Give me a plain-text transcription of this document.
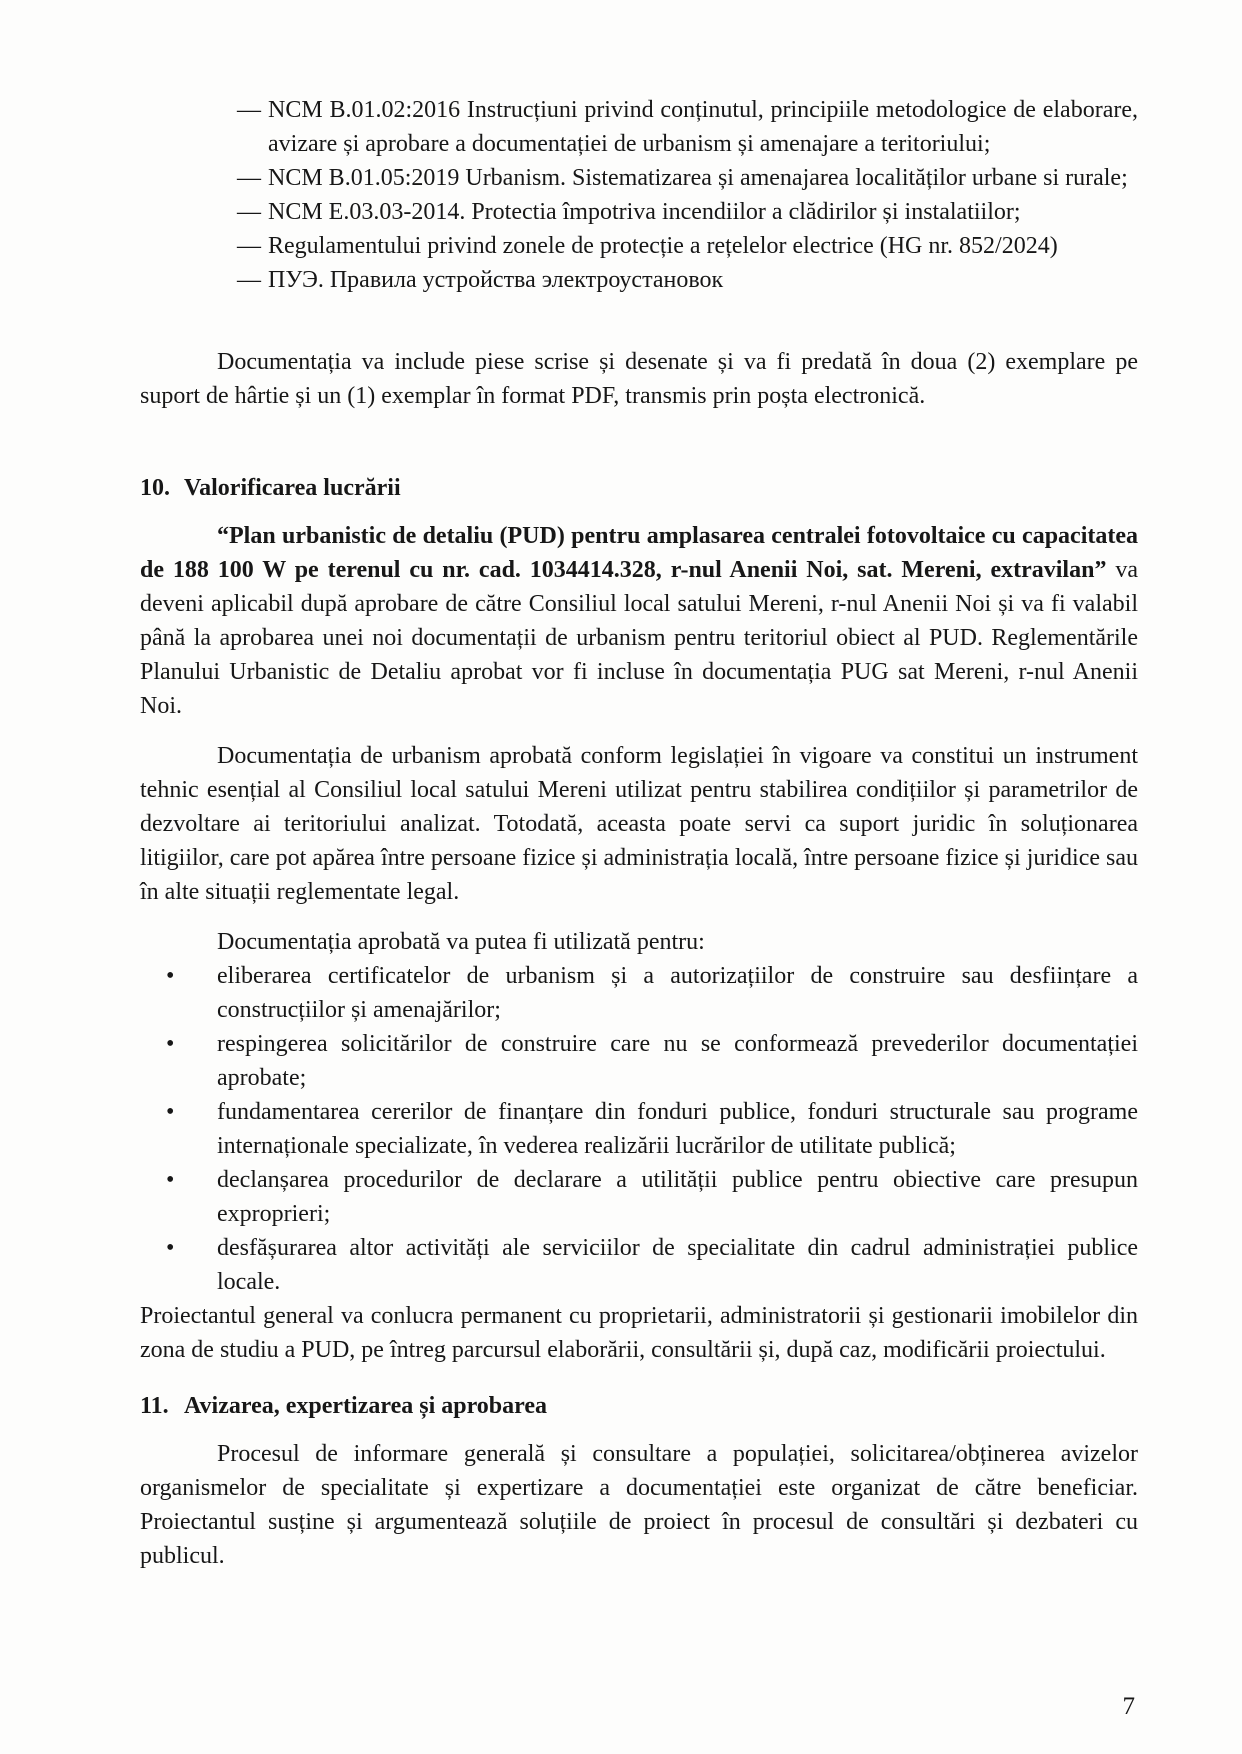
— NCM B.01.02:2016 Instrucțiuni privind conținutul, principiile metodologice de elaborare, avizare și aprobare a documentației de urbanism și amenajare a teritoriului;
— NCM B.01.05:2019 Urbanism. Sistematizarea și amenajarea localităților urbane si rurale;
— NCM E.03.03-2014. Protectia împotriva incendiilor a clădirilor și instalatiilor;
— Regulamentului privind zonele de protecție a rețelelor electrice (HG nr. 852/2024)
— ПУЭ. Правила устройства электроустановок

Documentația va include piese scrise și desenate și va fi predată în doua (2) exemplare pe suport de hârtie și un (1) exemplar în format PDF, transmis prin poșta electronică.

10. Valorificarea lucrării

“Plan urbanistic de detaliu (PUD) pentru amplasarea centralei fotovoltaice cu capacitatea de 188 100 W pe terenul cu nr. cad. 1034414.328, r-nul Anenii Noi, sat. Mereni, extravilan” va deveni aplicabil după aprobare de către Consiliul local satului Mereni, r-nul Anenii Noi și va fi valabil până la aprobarea unei noi documentații de urbanism pentru teritoriul obiect al PUD. Reglementările Planului Urbanistic de Detaliu aprobat vor fi incluse în documentația PUG sat Mereni, r-nul Anenii Noi.

Documentația de urbanism aprobată conform legislației în vigoare va constitui un instrument tehnic esențial al Consiliul local satului Mereni utilizat pentru stabilirea condițiilor și parametrilor de dezvoltare ai teritoriului analizat. Totodată, aceasta poate servi ca suport juridic în soluționarea litigiilor, care pot apărea între persoane fizice și administrația locală, între persoane fizice și juridice sau în alte situații reglementate legal.

Documentația aprobată va putea fi utilizată pentru:

• eliberarea certificatelor de urbanism și a autorizațiilor de construire sau desființare a construcțiilor și amenajărilor;
• respingerea solicitărilor de construire care nu se conformează prevederilor documentației aprobate;
• fundamentarea cererilor de finanțare din fonduri publice, fonduri structurale sau programe internaționale specializate, în vederea realizării lucrărilor de utilitate publică;
• declanșarea procedurilor de declarare a utilității publice pentru obiective care presupun exproprieri;
• desfășurarea altor activități ale serviciilor de specialitate din cadrul administrației publice locale.

Proiectantul general va conlucra permanent cu proprietarii, administratorii și gestionarii imobilelor din zona de studiu a PUD, pe întreg parcursul elaborării, consultării și, după caz, modificării proiectului.

11. Avizarea, expertizarea și aprobarea

Procesul de informare generală și consultare a populației, solicitarea/obținerea avizelor organismelor de specialitate și expertizare a documentației este organizat de către beneficiar. Proiectantul susține și argumentează soluțiile de proiect în procesul de consultări și dezbateri cu publicul.

7
